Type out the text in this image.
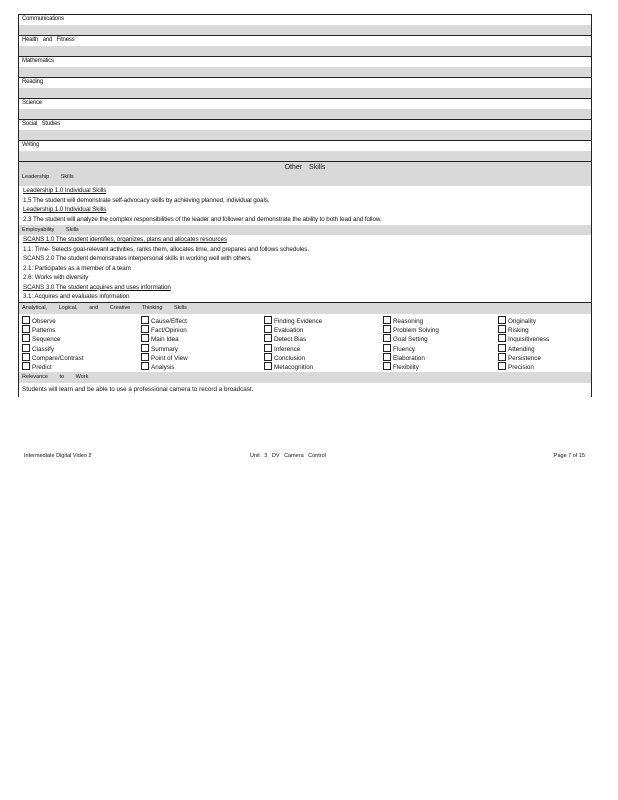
Communications
Health and Fitness
Mathematics
Reading
Science
Social Studies
Writing
Other Skills
Leadership Skills
Leadership 1.0 Individual Skills
1.5 The student will demonstrate self-advocacy skills by achieving planned, individual goals.
Leadership 1.0 Individual Skills
2.3 The student will analyze the complex responsibilities of the leader and follower and demonstrate the ability to both lead and follow.
Employability Skills
SCANS 1.0 The student identifies, organizes, plans and allocates resources
1.1: Time- Selects goal-relevant activities, ranks them, allocates time, and prepares and follows schedules.
SCANS 2.0 The student demonstrates interpersonal skills in working well with others.
2.1: Participates as a member of a team
2.6: Works with diversity
SCANS 3.0 The student acquires and uses information
3.1: Acquires and evaluates information
Analytical, Logical, and Creative Thinking Skills
Observe
Patterns
Sequence
Classify
Compare/Contrast
Predict
Cause/Effect
Fact/Opinion
Main Idea
Summary
Point of View
Analysis
Finding Evidence
Evaluation
Detect Bias
Inference
Conclusion
Metacognition
Reasoning
Problem Solving
Goal Setting
Fluency
Elaboration
Flexibility
Originality
Risking
Inquisitiveness
Attending
Persistence
Precision
Relevance to Work
Students will learn and be able to use a professional camera to record a broadcast.
Intermediate Digital Video 2	Unit 3 DV Camera Control	Page 7 of 15
